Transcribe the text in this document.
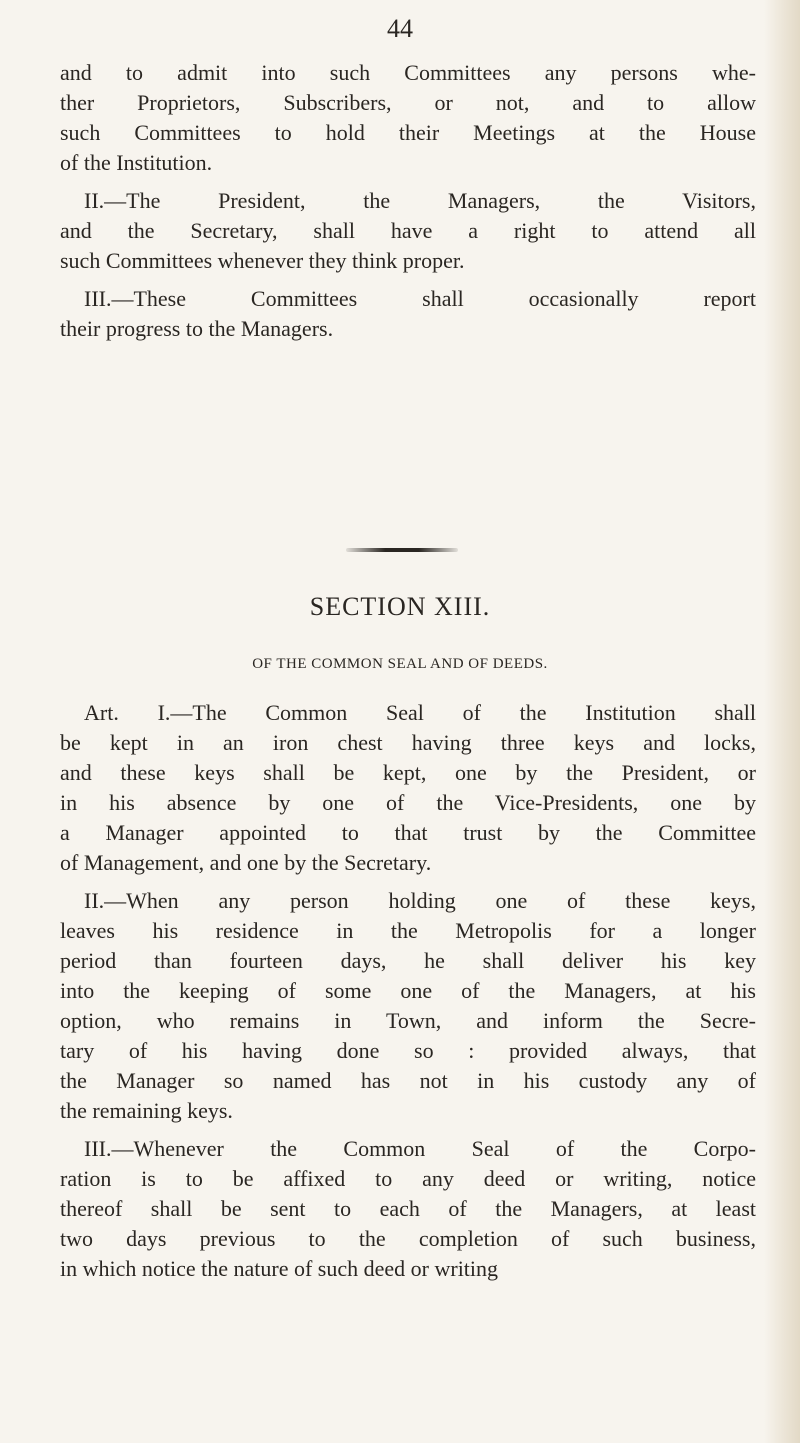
44
and to admit into such Committees any persons whe-
ther Proprietors, Subscribers, or not, and to allow
such Committees to hold their Meetings at the House
of the Institution.
II.—The President, the Managers, the Visitors,
and the Secretary, shall have a right to attend all
such Committees whenever they think proper.
III.—These Committees shall occasionally report
their progress to the Managers.
SECTION XIII.
OF THE COMMON SEAL AND OF DEEDS.
Art. I.—The Common Seal of the Institution shall
be kept in an iron chest having three keys and locks,
and these keys shall be kept, one by the President, or
in his absence by one of the Vice-Presidents, one by
a Manager appointed to that trust by the Committee
of Management, and one by the Secretary.
II.—When any person holding one of these keys,
leaves his residence in the Metropolis for a longer
period than fourteen days, he shall deliver his key
into the keeping of some one of the Managers, at his
option, who remains in Town, and inform the Secre-
tary of his having done so : provided always, that
the Manager so named has not in his custody any of
the remaining keys.
III.—Whenever the Common Seal of the Corpo-
ration is to be affixed to any deed or writing, notice
thereof shall be sent to each of the Managers, at least
two days previous to the completion of such business,
in which notice the nature of such deed or writing
